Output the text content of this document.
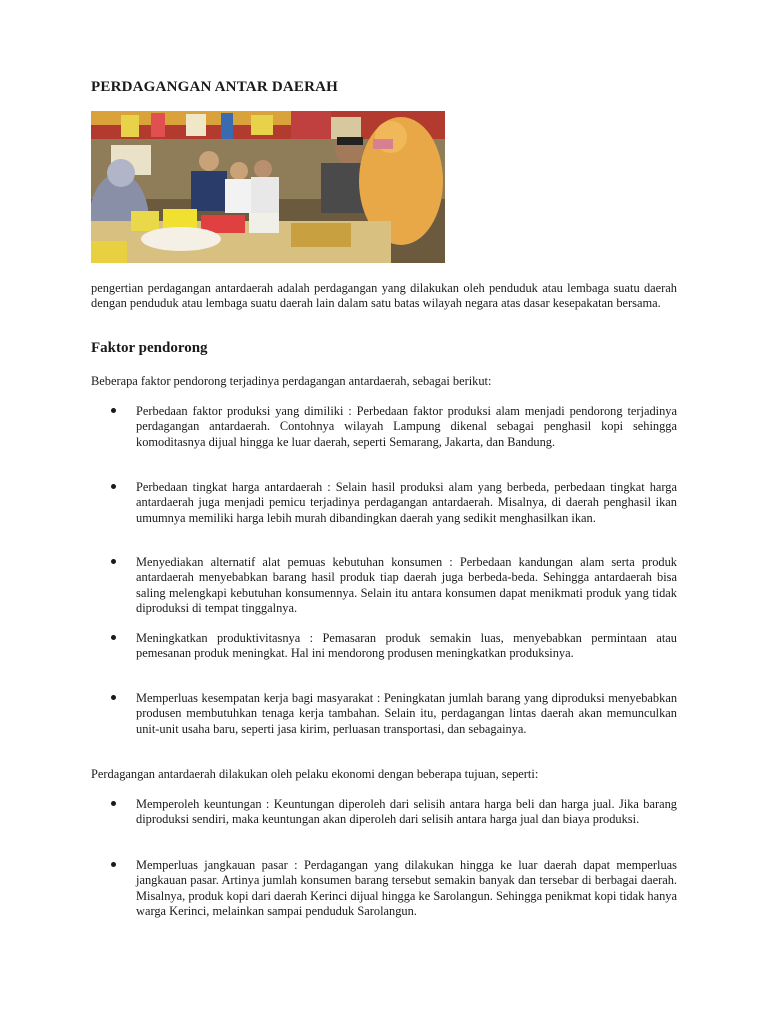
PERDAGANGAN ANTAR DAERAH

pengertian perdagangan antardaerah adalah perdagangan yang dilakukan oleh penduduk atau lembaga suatu daerah dengan penduduk atau lembaga suatu daerah lain dalam satu batas wilayah negara atas dasar kesepakatan bersama.

Faktor pendorong

Beberapa faktor pendorong terjadinya perdagangan antardaerah, sebagai berikut:

Perbedaan faktor produksi yang dimiliki : Perbedaan faktor produksi alam menjadi pendorong terjadinya perdagangan antardaerah. Contohnya wilayah Lampung dikenal sebagai penghasil kopi sehingga komoditasnya dijual hingga ke luar daerah, seperti Semarang, Jakarta, dan Bandung.
Perbedaan tingkat harga antardaerah : Selain hasil produksi alam yang berbeda, perbedaan tingkat harga antardaerah juga menjadi pemicu terjadinya perdagangan antardaerah. Misalnya, di daerah penghasil ikan umumnya memiliki harga lebih murah dibandingkan daerah yang sedikit menghasilkan ikan.
Menyediakan alternatif alat pemuas kebutuhan konsumen : Perbedaan kandungan alam serta produk antardaerah menyebabkan barang hasil produk tiap daerah juga berbeda-beda. Sehingga antardaerah bisa saling melengkapi kebutuhan konsumennya. Selain itu antara konsumen dapat menikmati produk yang tidak diproduksi di tempat tinggalnya.
Meningkatkan produktivitasnya : Pemasaran produk semakin luas, menyebabkan permintaan atau pemesanan produk meningkat. Hal ini mendorong produsen meningkatkan produksinya.
Memperluas kesempatan kerja bagi masyarakat : Peningkatan jumlah barang yang diproduksi menyebabkan produsen membutuhkan tenaga kerja tambahan. Selain itu, perdagangan lintas daerah akan memunculkan unit-unit usaha baru, seperti jasa kirim, perluasan transportasi, dan sebagainya.

Perdagangan antardaerah dilakukan oleh pelaku ekonomi dengan beberapa tujuan, seperti:

Memperoleh keuntungan : Keuntungan diperoleh dari selisih antara harga beli dan harga jual. Jika barang diproduksi sendiri, maka keuntungan akan diperoleh dari selisih antara harga jual dan biaya produksi.
Memperluas jangkauan pasar : Perdagangan yang dilakukan hingga ke luar daerah dapat memperluas jangkauan pasar. Artinya jumlah konsumen barang tersebut semakin banyak dan tersebar di berbagai daerah. Misalnya, produk kopi dari daerah Kerinci dijual hingga ke Sarolangun. Sehingga penikmat kopi tidak hanya warga Kerinci, melainkan sampai penduduk Sarolangun.
